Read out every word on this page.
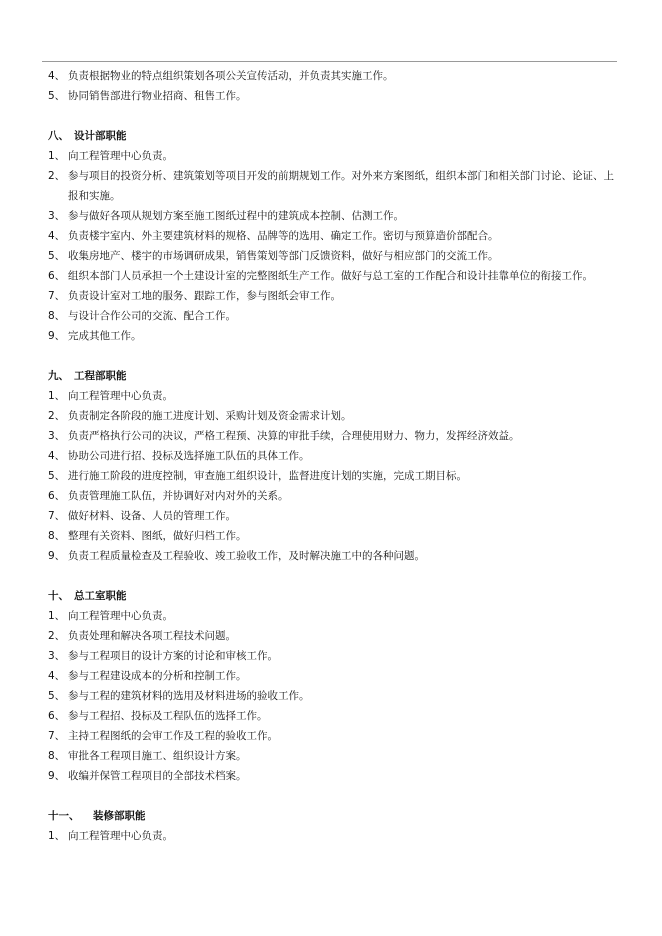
4、 负责根据物业的特点组织策划各项公关宣传活动，并负责其实施工作。
5、 协同销售部进行物业招商、租售工作。
八、 设计部职能
1、 向工程管理中心负责。
2、 参与项目的投资分析、建筑策划等项目开发的前期规划工作。对外来方案图纸，组织本部门和相关部门讨论、论证、上报和实施。
3、 参与做好各项从规划方案至施工图纸过程中的建筑成本控制、估测工作。
4、 负责楼宇室内、外主要建筑材料的规格、品牌等的选用、确定工作。密切与预算造价部配合。
5、 收集房地产、楼宇的市场调研成果，销售策划等部门反馈资料，做好与相应部门的交流工作。
6、 组织本部门人员承担一个土建设计室的完整图纸生产工作。做好与总工室的工作配合和设计挂靠单位的衔接工作。
7、 负责设计室对工地的服务、跟踪工作，参与图纸会审工作。
8、 与设计合作公司的交流、配合工作。
9、 完成其他工作。
九、 工程部职能
1、 向工程管理中心负责。
2、 负责制定各阶段的施工进度计划、采购计划及资金需求计划。
3、 负责严格执行公司的决议，严格工程预、决算的审批手续，合理使用财力、物力，发挥经济效益。
4、 协助公司进行招、投标及选择施工队伍的具体工作。
5、 进行施工阶段的进度控制，审查施工组织设计，监督进度计划的实施，完成工期目标。
6、 负责管理施工队伍，并协调好对内对外的关系。
7、 做好材料、设备、人员的管理工作。
8、 整理有关资料、图纸，做好归档工作。
9、 负责工程质量检查及工程验收、竣工验收工作，及时解决施工中的各种问题。
十、 总工室职能
1、 向工程管理中心负责。
2、 负责处理和解决各项工程技术问题。
3、 参与工程项目的设计方案的讨论和审核工作。
4、 参与工程建设成本的分析和控制工作。
5、 参与工程的建筑材料的选用及材料进场的验收工作。
6、 参与工程招、投标及工程队伍的选择工作。
7、 主持工程图纸的会审工作及工程的验收工作。
8、 审批各工程项目施工、组织设计方案。
9、 收编并保管工程项目的全部技术档案。
十一、	装修部职能
1、 向工程管理中心负责。
